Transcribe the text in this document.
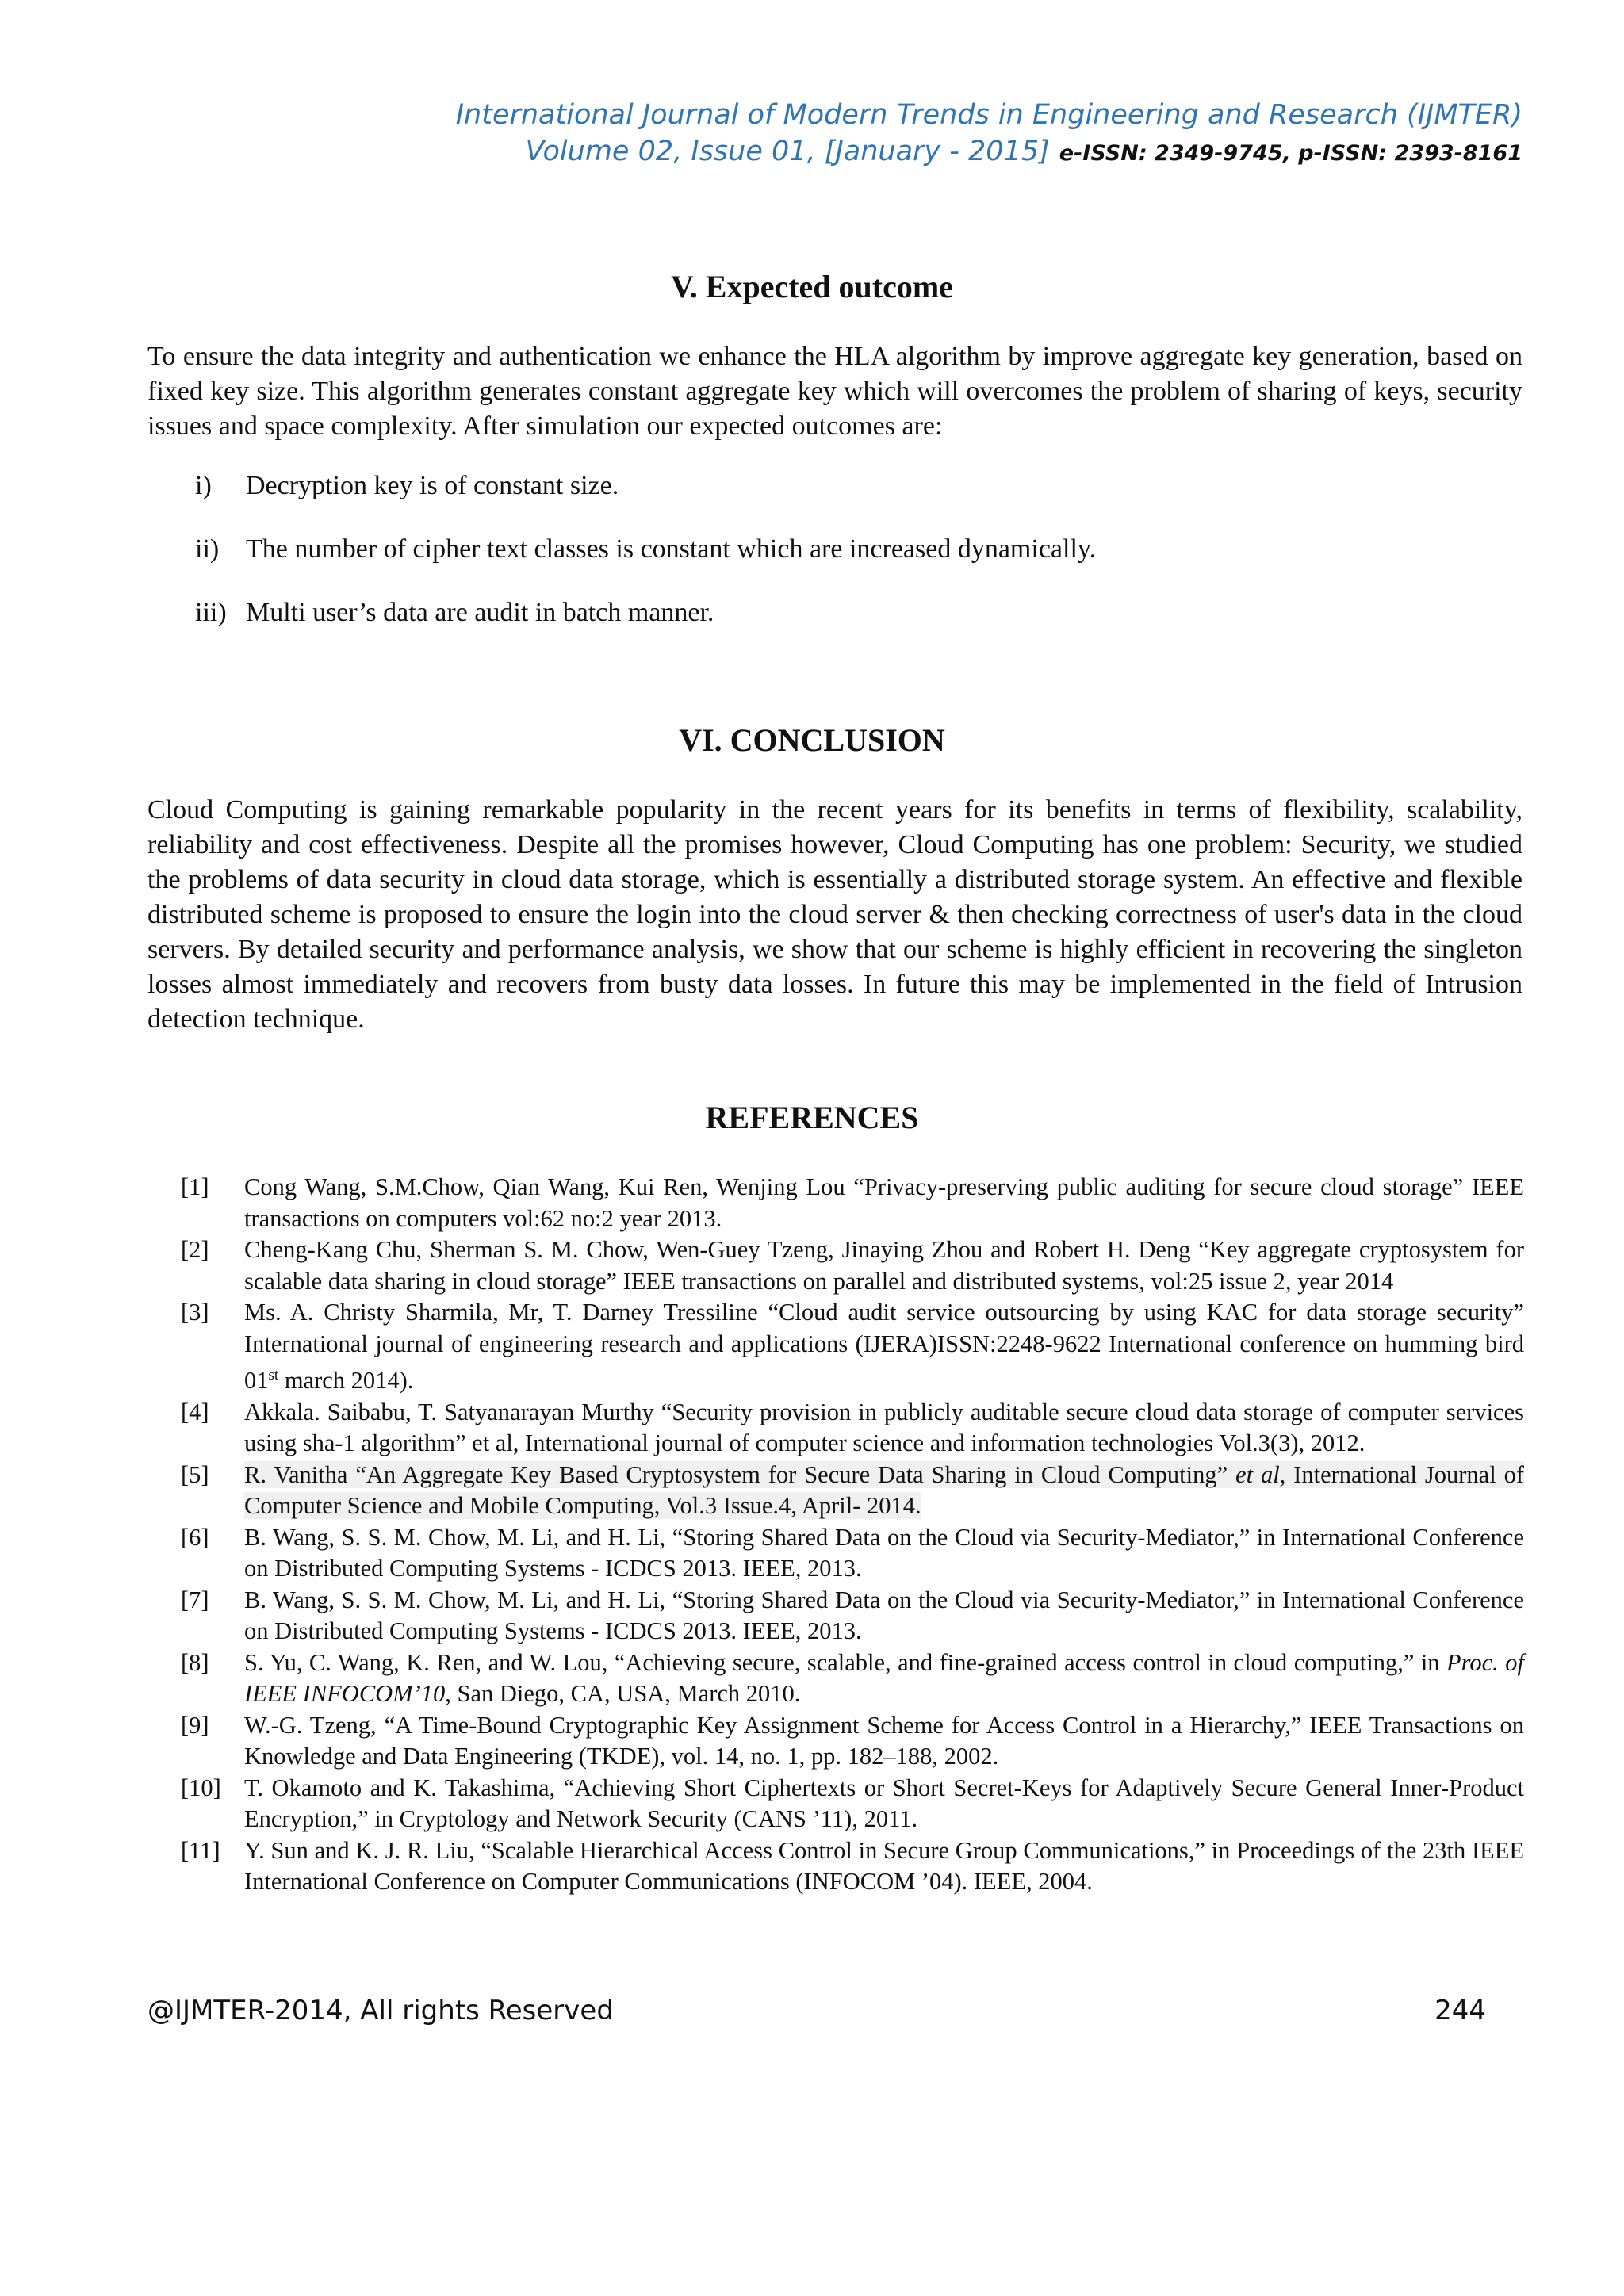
International Journal of Modern Trends in Engineering and Research (IJMTER)
Volume 02, Issue 01, [January - 2015] e-ISSN: 2349-9745, p-ISSN: 2393-8161
V. Expected outcome
To ensure the data integrity and authentication we enhance the HLA algorithm by improve aggregate key generation, based on fixed key size. This algorithm generates constant aggregate key which will overcomes the problem of sharing of keys, security issues and space complexity. After simulation our expected outcomes are:
i)	Decryption key is of constant size.
ii) The number of cipher text classes is constant which are increased dynamically.
iii) Multi user’s data are audit in batch manner.
VI. CONCLUSION
Cloud Computing is gaining remarkable popularity in the recent years for its benefits in terms of flexibility, scalability, reliability and cost effectiveness. Despite all the promises however, Cloud Computing has one problem: Security, we studied the problems of data security in cloud data storage, which is essentially a distributed storage system. An effective and flexible distributed scheme is proposed to ensure the login into the cloud server & then checking correctness of user's data in the cloud servers. By detailed security and performance analysis, we show that our scheme is highly efficient in recovering the singleton losses almost immediately and recovers from busty data losses. In future this may be implemented in the field of Intrusion detection technique.
REFERENCES
[1]	Cong Wang, S.M.Chow, Qian Wang, Kui Ren, Wenjing Lou “Privacy-preserving public auditing for secure cloud storage” IEEE transactions on computers vol:62 no:2 year 2013.
[2]	Cheng-Kang Chu, Sherman S. M. Chow, Wen-Guey Tzeng, Jinaying Zhou and Robert H. Deng “Key aggregate cryptosystem for scalable data sharing in cloud storage” IEEE transactions on parallel and distributed systems, vol:25 issue 2, year 2014
[3]	Ms. A. Christy Sharmila, Mr, T. Darney Tressiline “Cloud audit service outsourcing by using KAC for data storage security” International journal of engineering research and applications (IJERA)ISSN:2248-9622 International conference on humming bird 01st march 2014).
[4]	Akkala. Saibabu, T. Satyanarayan Murthy “Security provision in publicly auditable secure cloud data storage of computer services using sha-1 algorithm” et al, International journal of computer science and information technologies Vol.3(3), 2012.
[5]	R. Vanitha “An Aggregate Key Based Cryptosystem for Secure Data Sharing in Cloud Computing” et al, International Journal of Computer Science and Mobile Computing, Vol.3 Issue.4, April- 2014.
[6]	B. Wang, S. S. M. Chow, M. Li, and H. Li, “Storing Shared Data on the Cloud via Security-Mediator,” in International Conference on Distributed Computing Systems - ICDCS 2013. IEEE, 2013.
[7]	B. Wang, S. S. M. Chow, M. Li, and H. Li, “Storing Shared Data on the Cloud via Security-Mediator,” in International Conference on Distributed Computing Systems - ICDCS 2013. IEEE, 2013.
[8]	S. Yu, C. Wang, K. Ren, and W. Lou, “Achieving secure, scalable, and fine-grained access control in cloud computing,” in Proc. of IEEE INFOCOM’10, San Diego, CA, USA, March 2010.
[9]	W.-G. Tzeng, “A Time-Bound Cryptographic Key Assignment Scheme for Access Control in a Hierarchy,” IEEE Transactions on Knowledge and Data Engineering (TKDE), vol. 14, no. 1, pp. 182–188, 2002.
[10] T. Okamoto and K. Takashima, “Achieving Short Ciphertexts or Short Secret-Keys for Adaptively Secure General Inner-Product Encryption,” in Cryptology and Network Security (CANS ’11), 2011.
[11] Y. Sun and K. J. R. Liu, “Scalable Hierarchical Access Control in Secure Group Communications,” in Proceedings of the 23th IEEE International Conference on Computer Communications (INFOCOM ’04). IEEE, 2004.
@IJMTER-2014, All rights Reserved	244
